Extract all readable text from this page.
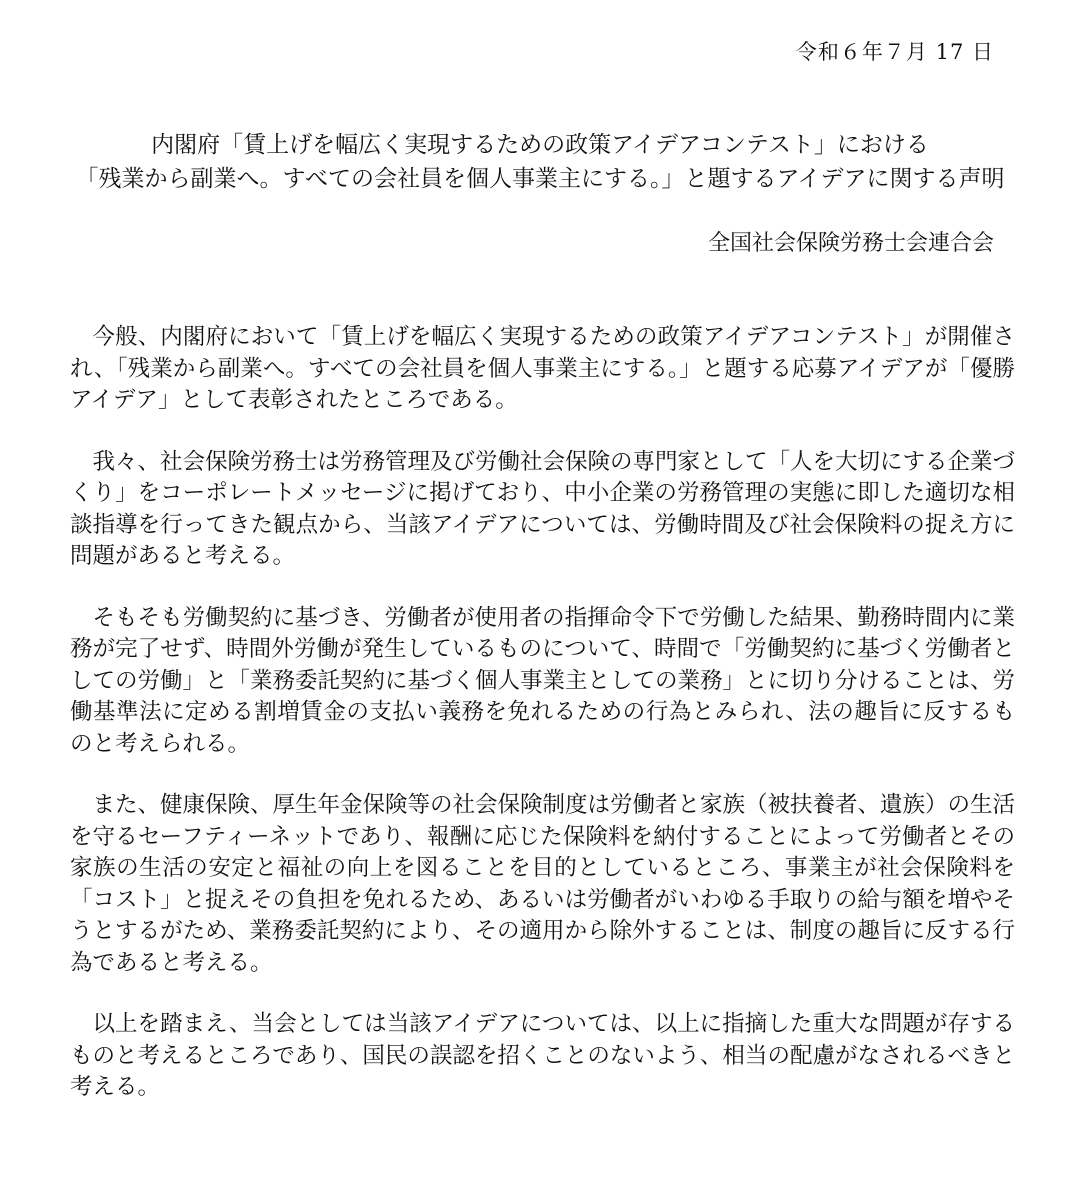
令和６年７月 17 日
内閣府「賃上げを幅広く実現するための政策アイデアコンテスト」における
「残業から副業へ。すべての会社員を個人事業主にする。」と題するアイデアに関する声明
全国社会保険労務士会連合会

今般、内閣府において「賃上げを幅広く実現するための政策アイデアコンテスト」が開催され、「残業から副業へ。すべての会社員を個人事業主にする。」と題する応募アイデアが「優勝アイデア」として表彰されたところである。

我々、社会保険労務士は労務管理及び労働社会保険の専門家として「人を大切にする企業づくり」をコーポレートメッセージに掲げており、中小企業の労務管理の実態に即した適切な相談指導を行ってきた観点から、当該アイデアについては、労働時間及び社会保険料の捉え方に問題があると考える。

そもそも労働契約に基づき、労働者が使用者の指揮命令下で労働した結果、勤務時間内に業務が完了せず、時間外労働が発生しているものについて、時間で「労働契約に基づく労働者としての労働」と「業務委託契約に基づく個人事業主としての業務」とに切り分けることは、労働基準法に定める割増賃金の支払い義務を免れるための行為とみられ、法の趣旨に反するものと考えられる。

また、健康保険、厚生年金保険等の社会保険制度は労働者と家族（被扶養者、遺族）の生活を守るセーフティーネットであり、報酬に応じた保険料を納付することによって労働者とその家族の生活の安定と福祉の向上を図ることを目的としているところ、事業主が社会保険料を「コスト」と捉えその負担を免れるため、あるいは労働者がいわゆる手取りの給与額を増やそうとするがため、業務委託契約により、その適用から除外することは、制度の趣旨に反する行為であると考える。

以上を踏まえ、当会としては当該アイデアについては、以上に指摘した重大な問題が存するものと考えるところであり、国民の誤認を招くことのないよう、相当の配慮がなされるべきと考える。
